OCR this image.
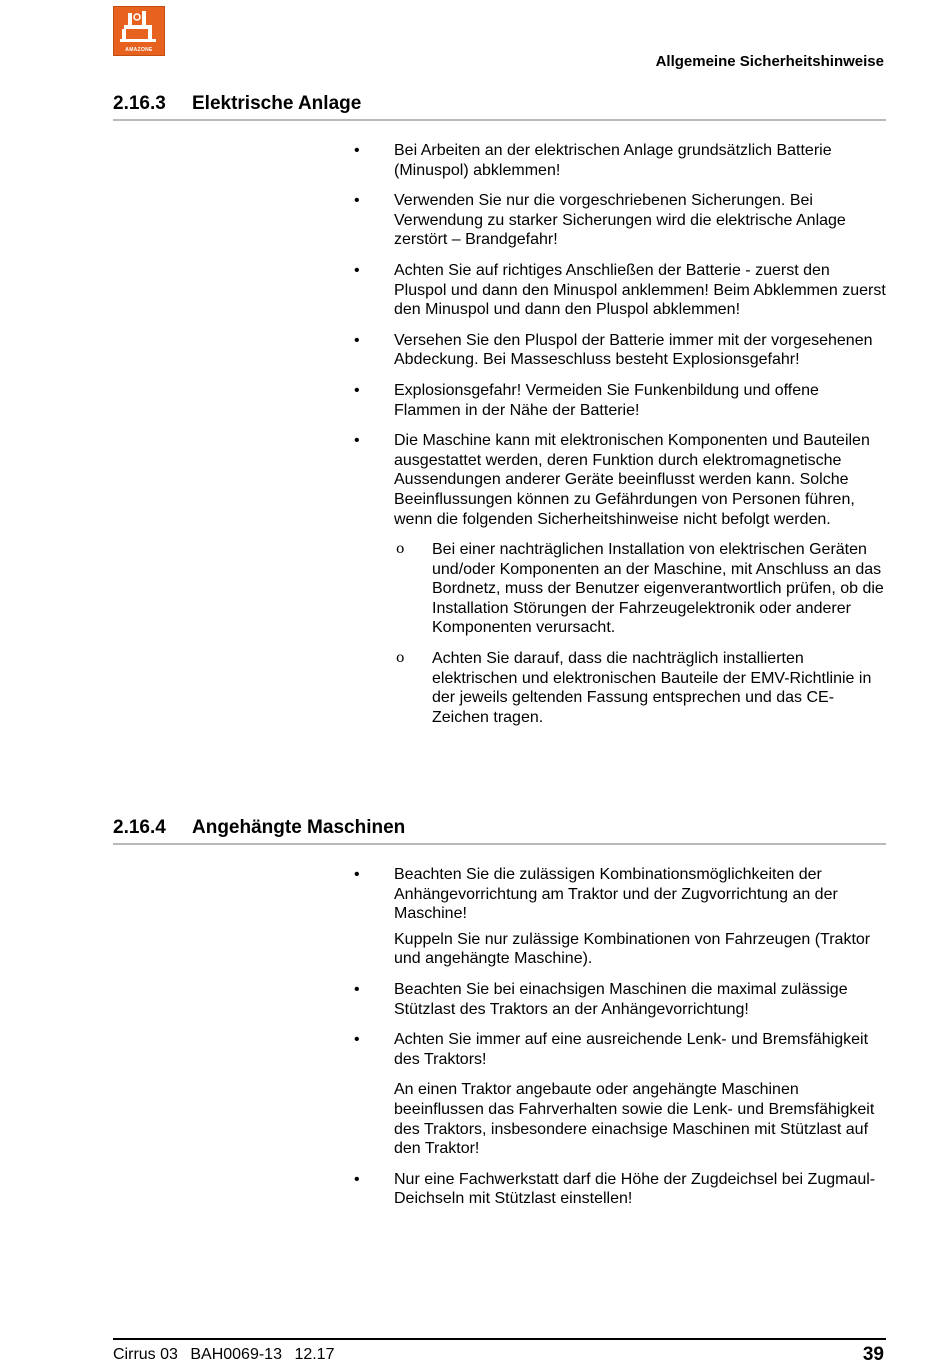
AMAZONE
Allgemeine Sicherheitshinweise
2.16.3 Elektrische Anlage
•	Bei Arbeiten an der elektrischen Anlage grundsätzlich Batterie (Minuspol) abklemmen!

•	Verwenden Sie nur die vorgeschriebenen Sicherungen. Bei Verwendung zu starker Sicherungen wird die elektrische Anlage zerstört – Brandgefahr!

•	Achten Sie auf richtiges Anschließen der Batterie - zuerst den Pluspol und dann den Minuspol anklemmen! Beim Abklemmen zuerst den Minuspol und dann den Pluspol abklemmen!

•	Versehen Sie den Pluspol der Batterie immer mit der vorgesehenen Abdeckung. Bei Masseschluss besteht Explosionsgefahr!

•	Explosionsgefahr! Vermeiden Sie Funkenbildung und offene Flammen in der Nähe der Batterie!

•	Die Maschine kann mit elektronischen Komponenten und Bauteilen ausgestattet werden, deren Funktion durch elektromagnetische Aussendungen anderer Geräte beeinflusst werden kann. Solche Beeinflussungen können zu Gefährdungen von Personen führen, wenn die folgenden Sicherheitshinweise nicht befolgt werden.

ο Bei einer nachträglichen Installation von elektrischen Geräten und/oder Komponenten an der Maschine, mit Anschluss an das Bordnetz, muss der Benutzer eigenverantwortlich prüfen, ob die Installation Störungen der Fahrzeugelektronik oder anderer Komponenten verursacht.

ο Achten Sie darauf, dass die nachträglich installierten elektrischen und elektronischen Bauteile der EMV-Richtlinie in der jeweils geltenden Fassung entsprechen und das CE-Zeichen tragen.

2.16.4 Angehängte Maschinen
•	Beachten Sie die zulässigen Kombinationsmöglichkeiten der Anhängevorrichtung am Traktor und der Zugvorrichtung an der Maschine!

Kuppeln Sie nur zulässige Kombinationen von Fahrzeugen (Traktor und angehängte Maschine).

•	Beachten Sie bei einachsigen Maschinen die maximal zulässige Stützlast des Traktors an der Anhängevorrichtung!

•	Achten Sie immer auf eine ausreichende Lenk- und Bremsfähigkeit des Traktors!

An einen Traktor angebaute oder angehängte Maschinen beeinflussen das Fahrverhalten sowie die Lenk- und Bremsfähigkeit des Traktors, insbesondere einachsige Maschinen mit Stützlast auf den Traktor!

•	Nur eine Fachwerkstatt darf die Höhe der Zugdeichsel bei Zugmaul-Deichseln mit Stützlast einstellen!

Cirrus 03 BAH0069-13 12.17	39
